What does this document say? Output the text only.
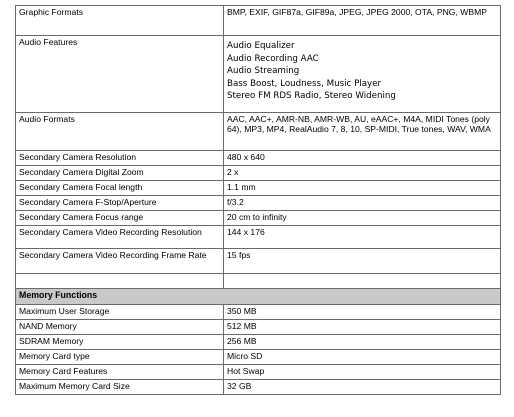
Graphic Formats	BMP, EXIF, GIF87a, GIF89a, JPEG, JPEG 2000, OTA, PNG, WBMP
Audio Features	Audio Equalizer
Audio Recording AAC
Audio Streaming
Bass Boost, Loudness, Music Player
Stereo FM RDS Radio, Stereo Widening

Audio Formats	AAC, AAC+, AMR-NB, AMR-WB, AU, eAAC+, M4A, MIDI Tones (poly 64), MP3, MP4, RealAudio 7, 8, 10, SP-MIDI, True tones, WAV, WMA
Secondary Camera Resolution	480 x 640
Secondary Camera Digital Zoom	2 x
Secondary Camera Focal length	1.1 mm
Secondary Camera F-Stop/Aperture	f/3.2
Secondary Camera Focus range	20 cm to infinity
Secondary Camera Video Recording Resolution	144 x 176
Secondary Camera Video Recording Frame Rate	15 fps

Memory Functions	
Maximum User Storage	350 MB
NAND Memory	512 MB
SDRAM Memory	256 MB
Memory Card type	Micro SD
Memory Card Features	Hot Swap
Maximum Memory Card Size	32 GB
